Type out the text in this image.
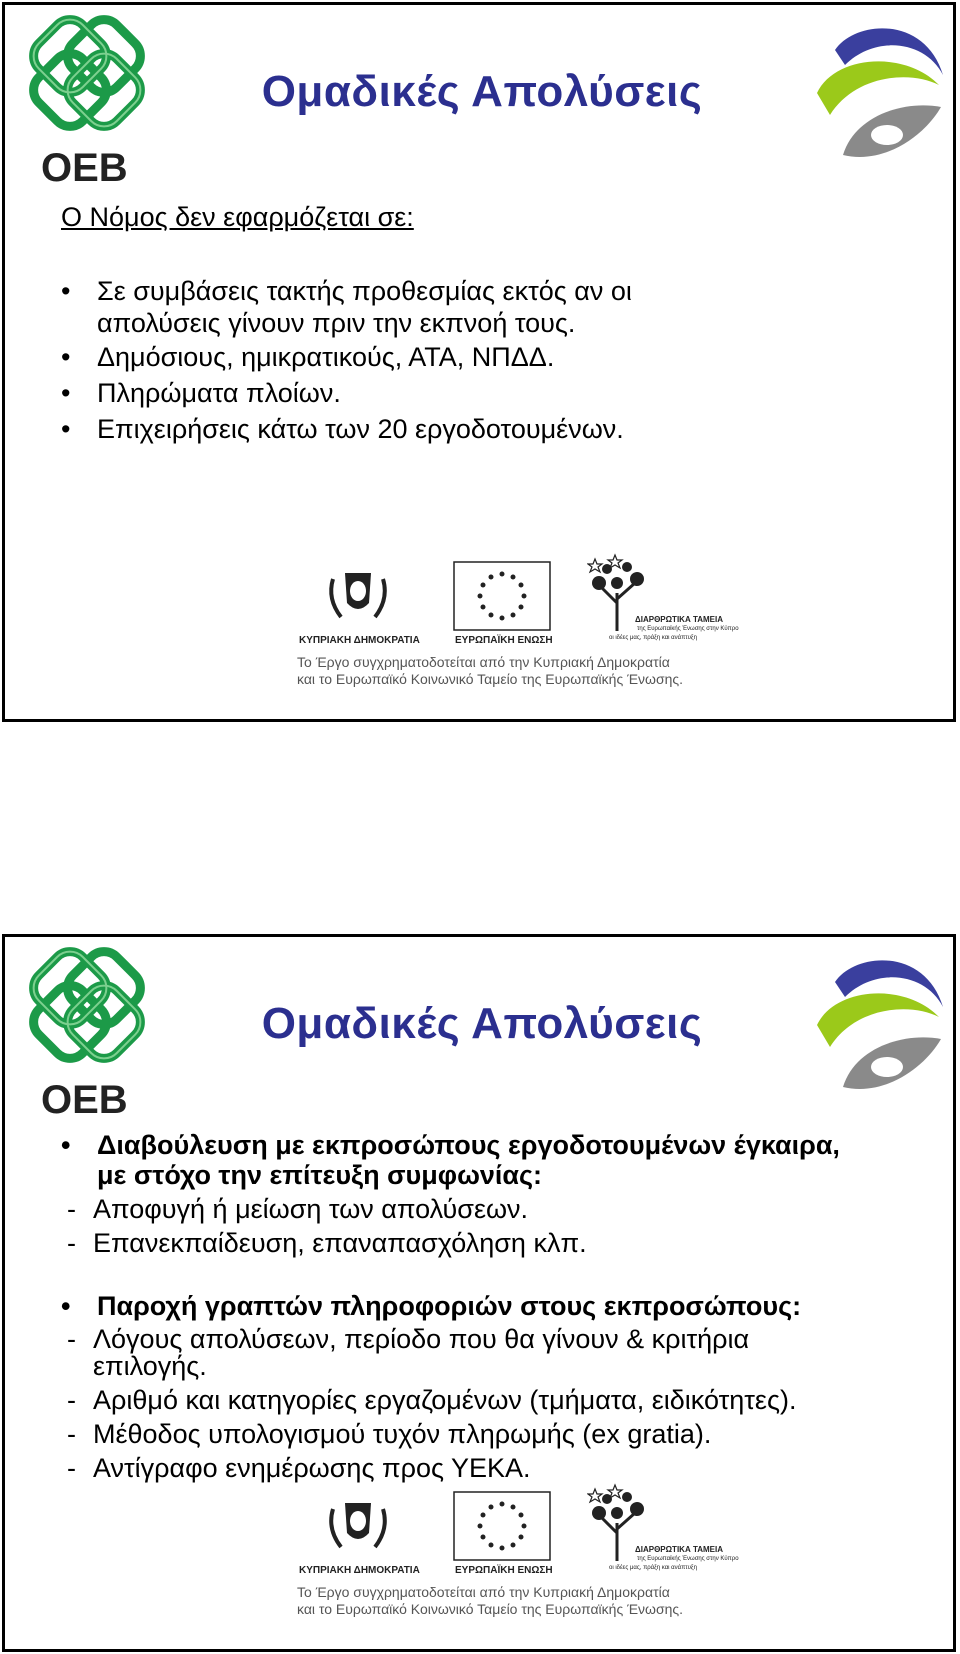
OEB
Ομαδικές Απολύσεις
Ο Νόμος δεν εφαρμόζεται σε:
• Σε συμβάσεις τακτής προθεσμίας εκτός αν οι
απολύσεις γίνουν πριν την εκπνοή τους.
• Δημόσιους, ημικρατικούς, ΑΤΑ, ΝΠΔΔ.
• Πληρώματα πλοίων.
• Επιχειρήσεις κάτω των 20 εργοδοτουμένων.
ΚΥΠΡΙΑΚΗ ΔΗΜΟΚΡΑΤΙΑ	ΕΥΡΩΠΑΪΚΗ ΕΝΩΣΗ
ΔΙΑΡΘΡΩΤΙΚΑ ΤΑΜΕΙΑ
της Ευρωπαϊκής Ένωσης στην Κύπρο
οι ιδέες μας, πράξη και ανάπτυξη
Το Έργο συγχρηματοδοτείται από την Κυπριακή Δημοκρατία
και το Ευρωπαϊκό Κοινωνικό Ταμείο της Ευρωπαϊκής Ένωσης.
OEB
Ομαδικές Απολύσεις
• Διαβούλευση με εκπροσώπους εργοδοτουμένων έγκαιρα,
με στόχο την επίτευξη συμφωνίας:
- Αποφυγή ή μείωση των απολύσεων.
- Επανεκπαίδευση, επαναπασχόληση κλπ.
• Παροχή γραπτών πληροφοριών στους εκπροσώπους:
- Λόγους απολύσεων, περίοδο που θα γίνουν & κριτήρια
επιλογής.
- Αριθμό και κατηγορίες εργαζομένων (τμήματα, ειδικότητες).
- Μέθοδος υπολογισμού τυχόν πληρωμής (ex gratia).
- Αντίγραφο ενημέρωσης προς ΥΕΚΑ.
ΚΥΠΡΙΑΚΗ ΔΗΜΟΚΡΑΤΙΑ	ΕΥΡΩΠΑΪΚΗ ΕΝΩΣΗ
ΔΙΑΡΘΡΩΤΙΚΑ ΤΑΜΕΙΑ
της Ευρωπαϊκής Ένωσης στην Κύπρο
οι ιδέες μας, πράξη και ανάπτυξη
Το Έργο συγχρηματοδοτείται από την Κυπριακή Δημοκρατία
και το Ευρωπαϊκό Κοινωνικό Ταμείο της Ευρωπαϊκής Ένωσης.
